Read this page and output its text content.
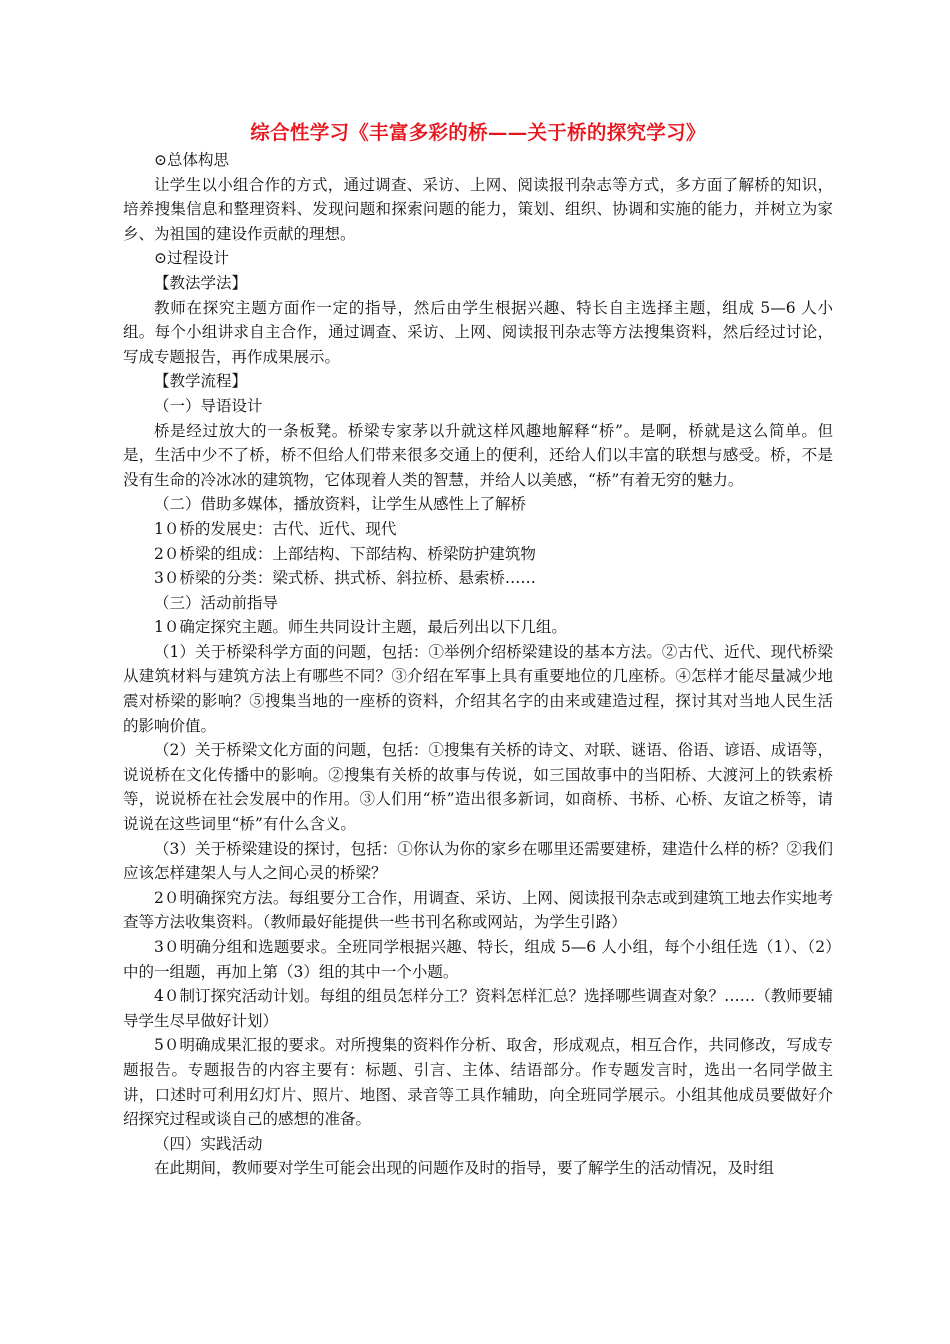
综合性学习《丰富多彩的桥——关于桥的探究学习》

⊙总体构思

让学生以小组合作的方式，通过调查、采访、上网、阅读报刊杂志等方式，多方面了解桥的知识，培养搜集信息和整理资料、发现问题和探索问题的能力，策划、组织、协调和实施的能力，并树立为家乡、为祖国的建设作贡献的理想。

⊙过程设计

【教法学法】

教师在探究主题方面作一定的指导，然后由学生根据兴趣、特长自主选择主题，组成 5—6 人小组。每个小组讲求自主合作，通过调查、采访、上网、阅读报刊杂志等方法搜集资料，然后经过讨论，写成专题报告，再作成果展示。

【教学流程】

（一）导语设计

桥是经过放大的一条板凳。桥梁专家茅以升就这样风趣地解释“桥”。是啊，桥就是这么简单。但是，生活中少不了桥，桥不但给人们带来很多交通上的便利，还给人们以丰富的联想与感受。桥，不是没有生命的冷冰冰的建筑物，它体现着人类的智慧，并给人以美感，“桥”有着无穷的魅力。

（二）借助多媒体，播放资料，让学生从感性上了解桥

1０桥的发展史：古代、近代、现代

2０桥梁的组成：上部结构、下部结构、桥梁防护建筑物

3０桥梁的分类：梁式桥、拱式桥、斜拉桥、悬索桥……

（三）活动前指导

1０确定探究主题。师生共同设计主题，最后列出以下几组。

（1）关于桥梁科学方面的问题，包括：①举例介绍桥梁建设的基本方法。②古代、近代、现代桥梁从建筑材料与建筑方法上有哪些不同？③介绍在军事上具有重要地位的几座桥。④怎样才能尽量减少地震对桥梁的影响？⑤搜集当地的一座桥的资料，介绍其名字的由来或建造过程，探讨其对当地人民生活的影响价值。

（2）关于桥梁文化方面的问题，包括：①搜集有关桥的诗文、对联、谜语、俗语、谚语、成语等，说说桥在文化传播中的影响。②搜集有关桥的故事与传说，如三国故事中的当阳桥、大渡河上的铁索桥等，说说桥在社会发展中的作用。③人们用“桥”造出很多新词，如商桥、书桥、心桥、友谊之桥等，请说说在这些词里“桥”有什么含义。

（3）关于桥梁建设的探讨，包括：①你认为你的家乡在哪里还需要建桥，建造什么样的桥？②我们应该怎样建架人与人之间心灵的桥梁？

2０明确探究方法。每组要分工合作，用调查、采访、上网、阅读报刊杂志或到建筑工地去作实地考查等方法收集资料。（教师最好能提供一些书刊名称或网站，为学生引路）

3０明确分组和选题要求。全班同学根据兴趣、特长，组成 5—6 人小组，每个小组任选（1）、（2）中的一组题，再加上第（3）组的其中一个小题。

4０制订探究活动计划。每组的组员怎样分工？资料怎样汇总？选择哪些调查对象？……（教师要辅导学生尽早做好计划）

5０明确成果汇报的要求。对所搜集的资料作分析、取舍，形成观点，相互合作，共同修改，写成专题报告。专题报告的内容主要有：标题、引言、主体、结语部分。作专题发言时，选出一名同学做主讲，口述时可利用幻灯片、照片、地图、录音等工具作辅助，向全班同学展示。小组其他成员要做好介绍探究过程或谈自己的感想的准备。

（四）实践活动

在此期间，教师要对学生可能会出现的问题作及时的指导，要了解学生的活动情况，及时组
